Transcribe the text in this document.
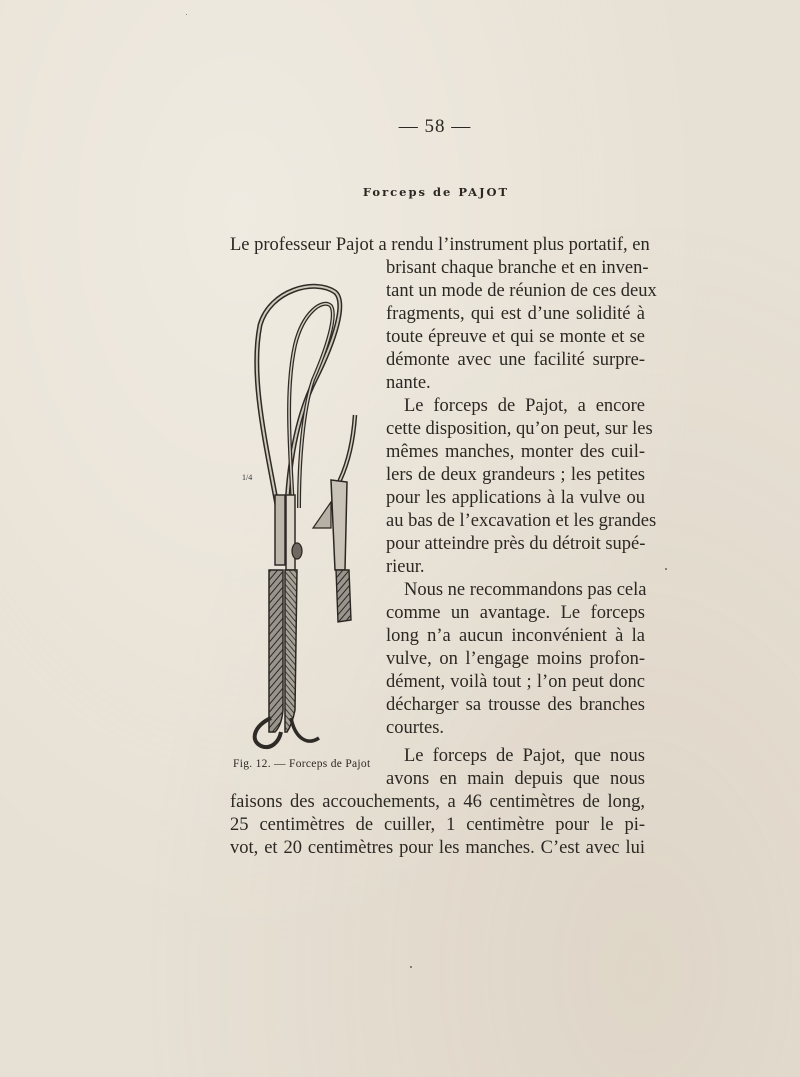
— 58 —
Forceps de PAJOT
Le professeur Pajot a rendu l’instrument plus portatif, en
brisant chaque branche et en inven-
tant un mode de réunion de ces deux
fragments, qui est d’une solidité à
toute épreuve et qui se monte et se
démonte avec une facilité surpre-
nante.
Le forceps de Pajot, a encore
cette disposition, qu’on peut, sur les
mêmes manches, monter des cuil-
lers de deux grandeurs ; les petites
pour les applications à la vulve ou
au bas de l’excavation et les grandes
pour atteindre près du détroit supé-
rieur.
Nous ne recommandons pas cela
comme un avantage. Le forceps
long n’a aucun inconvénient à la
vulve, on l’engage moins profon-
dément, voilà tout ; l’on peut donc
décharger sa trousse des branches
courtes.
Le forceps de Pajot, que nous
avons en main depuis que nous
faisons des accouchements, a 46 centimètres de long,
25 centimètres de cuiller, 1 centimètre pour le pi-
vot, et 20 centimètres pour les manches. C’est avec lui
1/4
Fig. 12. — Forceps de Pajot
